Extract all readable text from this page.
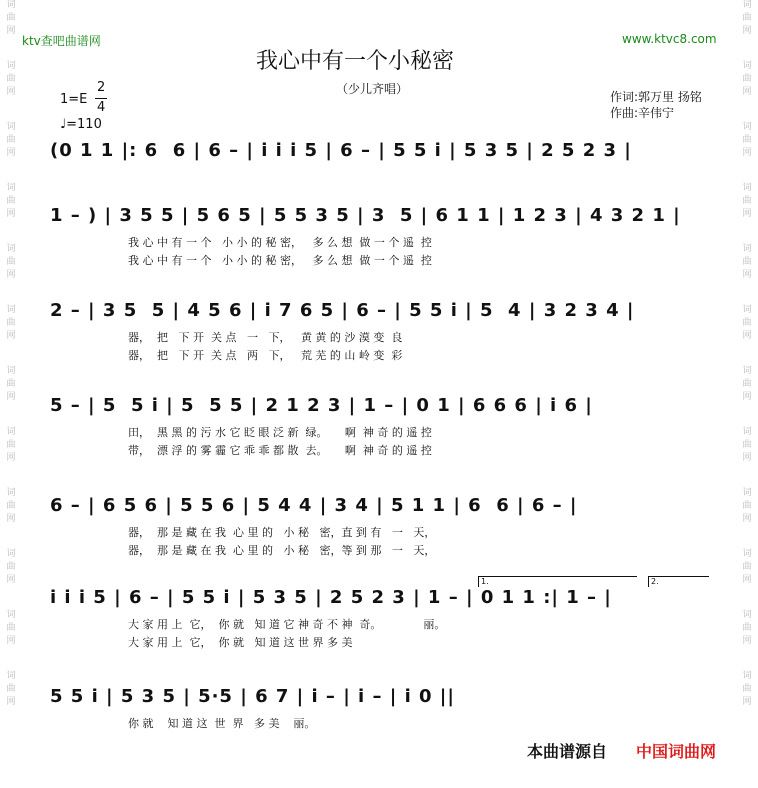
词
曲
网
词
曲
网
词
曲
网
词
曲
网
词
曲
网
词
曲
网
词
曲
网
词
曲
网
词
曲
网
词
曲
网
词
曲
网
词
曲
网
词
曲
网
词
曲
网
词
曲
网
词
曲
网
词
曲
网
词
曲
网
词
曲
网
词
曲
网
词
曲
网
词
曲
网
词
曲
网
词
曲
网
ktv查吧曲谱网	www.ktvc8.com
我心中有一个小秘密
（少儿齐唱）
1=E
2
4
♩=110
作词:郭万里 扬铭
作曲:辛伟宁
(0 1 1 |: 6  6 | 6 – | i i i 5 | 6 – | 5 5 i | 5 3 5 | 2 5 2 3 |
1 – ) | 3 5 5 | 5 6 5 | 5 5 3 5 | 3  5 | 6 1 1 | 1 2 3 | 4 3 2 1 |
我 心 中 有 一 个   小 小 的 秘 密，   多 么 想  做 一 个 遥  控
我 心 中 有 一 个   小 小 的 秘 密，   多 么 想  做 一 个 遥  控
2 – | 3 5  5 | 4 5 6 | i 7 6 5 | 6 – | 5 5 i | 5  4 | 3 2 3 4 |
器，  把   下 开  关 点   一   下，   黄 黄 的 沙 漠 变  良
器，  把   下 开  关 点   两   下，   荒 芜 的 山 岭 变  彩
5 – | 5  5 i | 5  5 5 | 2 1 2 3 | 1 – | 0 1 | 6 6 6 | i 6 |
田，  黑 黑 的 污 水 它 眨 眼 泛 新  绿。     啊  神 奇 的 遥 控
带，  漂 浮 的 雾 霾 它 乖 乖 都 散  去。     啊  神 奇 的 遥 控
6 – | 6 5 6 | 5 5 6 | 5 4 4 | 3 4 | 5 1 1 | 6  6 | 6 – |
器，  那 是 藏 在 我  心 里 的   小 秘   密，直 到 有   一   天，
器，  那 是 藏 在 我  心 里 的   小 秘   密，等 到 那   一   天，
i i i 5 | 6 – | 5 5 i | 5 3 5 | 2 5 2 3 | 1 – | 0 1 1 :| 1 – |
大 家 用 上  它，  你 就   知 道 它 神 奇 不 神  奇。            丽。
大 家 用 上  它，  你 就   知 道 这 世 界 多 美
5 5 i | 5 3 5 | 5·5 | 6 7 | i – | i – | i 0 ||
你 就    知 道 这  世  界   多 美    丽。
1.	2.
本曲谱源自 中国词曲网
